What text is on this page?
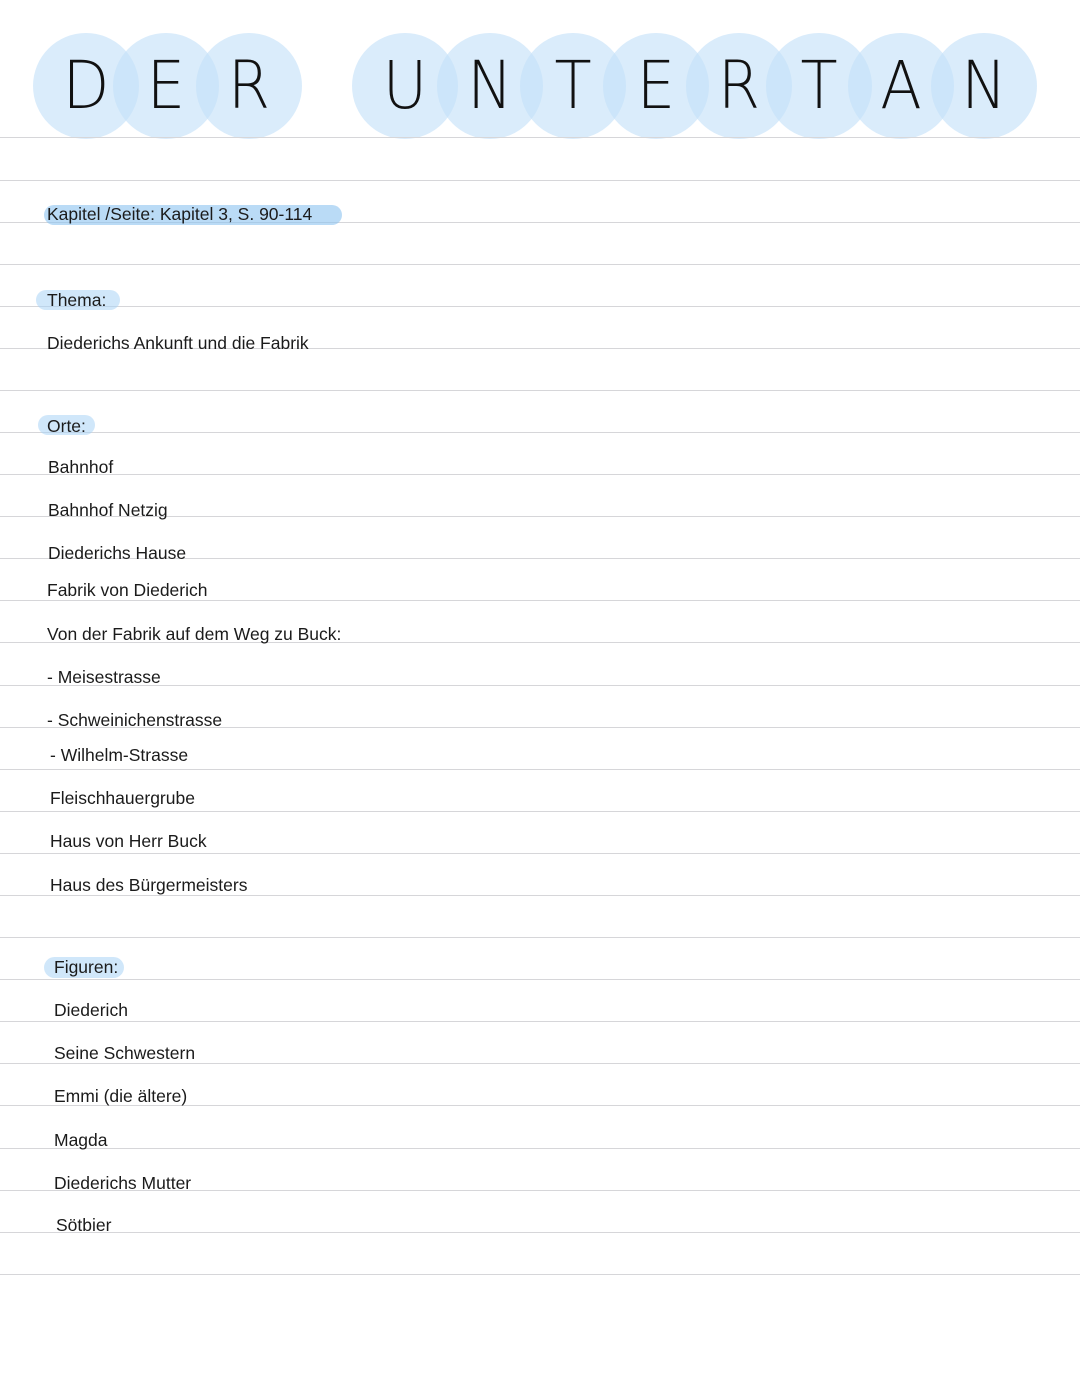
D E R	U N T E R T A N
Kapitel /Seite: Kapitel 3, S. 90-114
Thema:
Diederichs Ankunft und die Fabrik
Orte:
Bahnhof
Bahnhof Netzig
Diederichs Hause
Fabrik von Diederich
Von der Fabrik auf dem Weg zu Buck:
- Meisestrasse
- Schweinichenstrasse
- Wilhelm-Strasse
Fleischhauergrube
Haus von Herr Buck
Haus des Bürgermeisters
Figuren:
Diederich
Seine Schwestern
Emmi (die ältere)
Magda
Diederichs Mutter
Sötbier
